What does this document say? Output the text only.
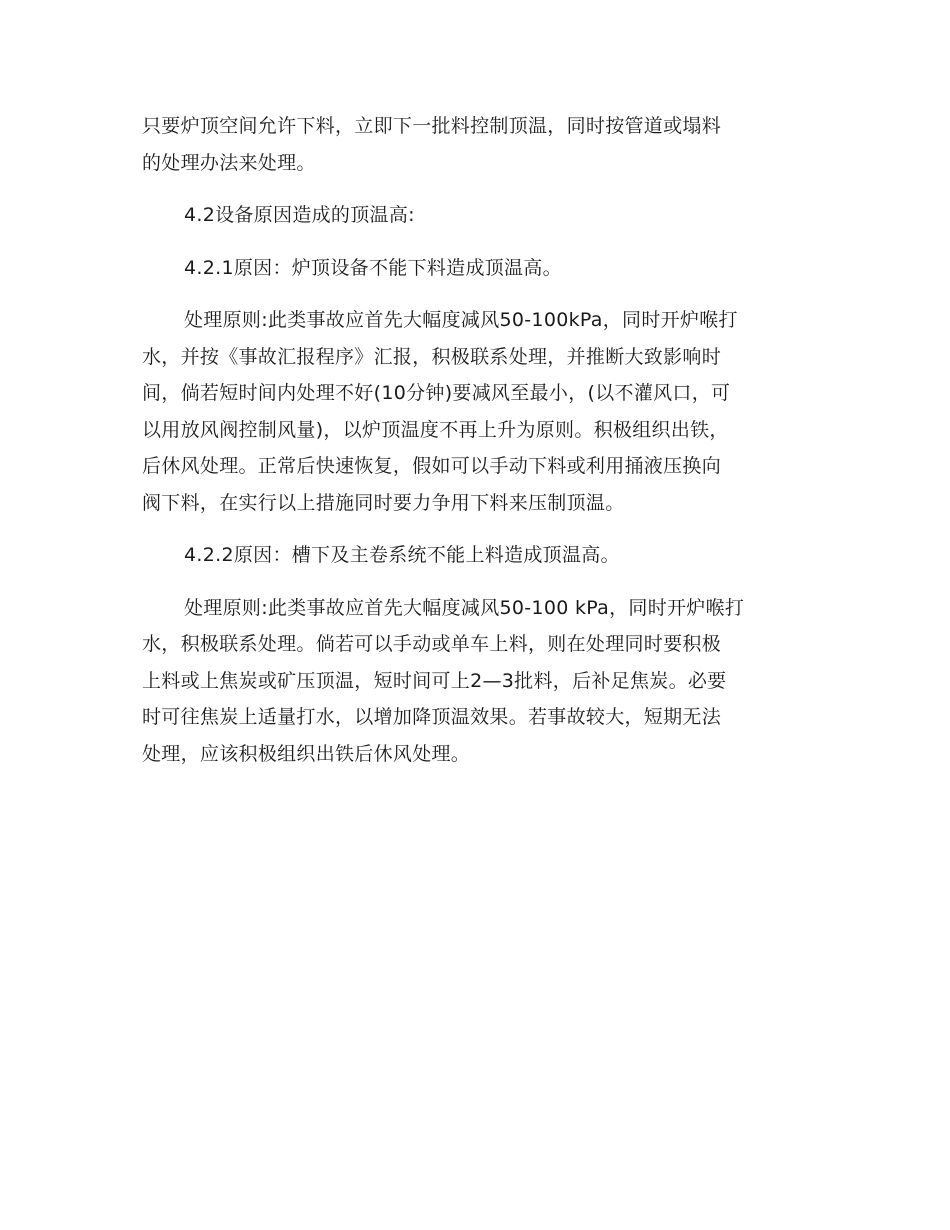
只要炉顶空间允许下料，立即下一批料控制顶温，同时按管道或塌料
的处理办法来处理。

4.2设备原因造成的顶温高:

4.2.1原因：炉顶设备不能下料造成顶温高。

处理原则:此类事故应首先大幅度减风50-100kPa，同时开炉喉打
水，并按《事故汇报程序》汇报，积极联系处理，并推断大致影响时
间，倘若短时间内处理不好(10分钟)要减风至最小，(以不灌风口，可
以用放风阀控制风量)，以炉顶温度不再上升为原则。积极组织出铁，
后休风处理。正常后快速恢复，假如可以手动下料或利用捅液压换向
阀下料，在实行以上措施同时要力争用下料来压制顶温。

4.2.2原因：槽下及主卷系统不能上料造成顶温高。

处理原则:此类事故应首先大幅度减风50-100 kPa，同时开炉喉打
水，积极联系处理。倘若可以手动或单车上料，则在处理同时要积极
上料或上焦炭或矿压顶温，短时间可上2—3批料，后补足焦炭。必要
时可往焦炭上适量打水，以增加降顶温效果。若事故较大，短期无法
处理，应该积极组织出铁后休风处理。
